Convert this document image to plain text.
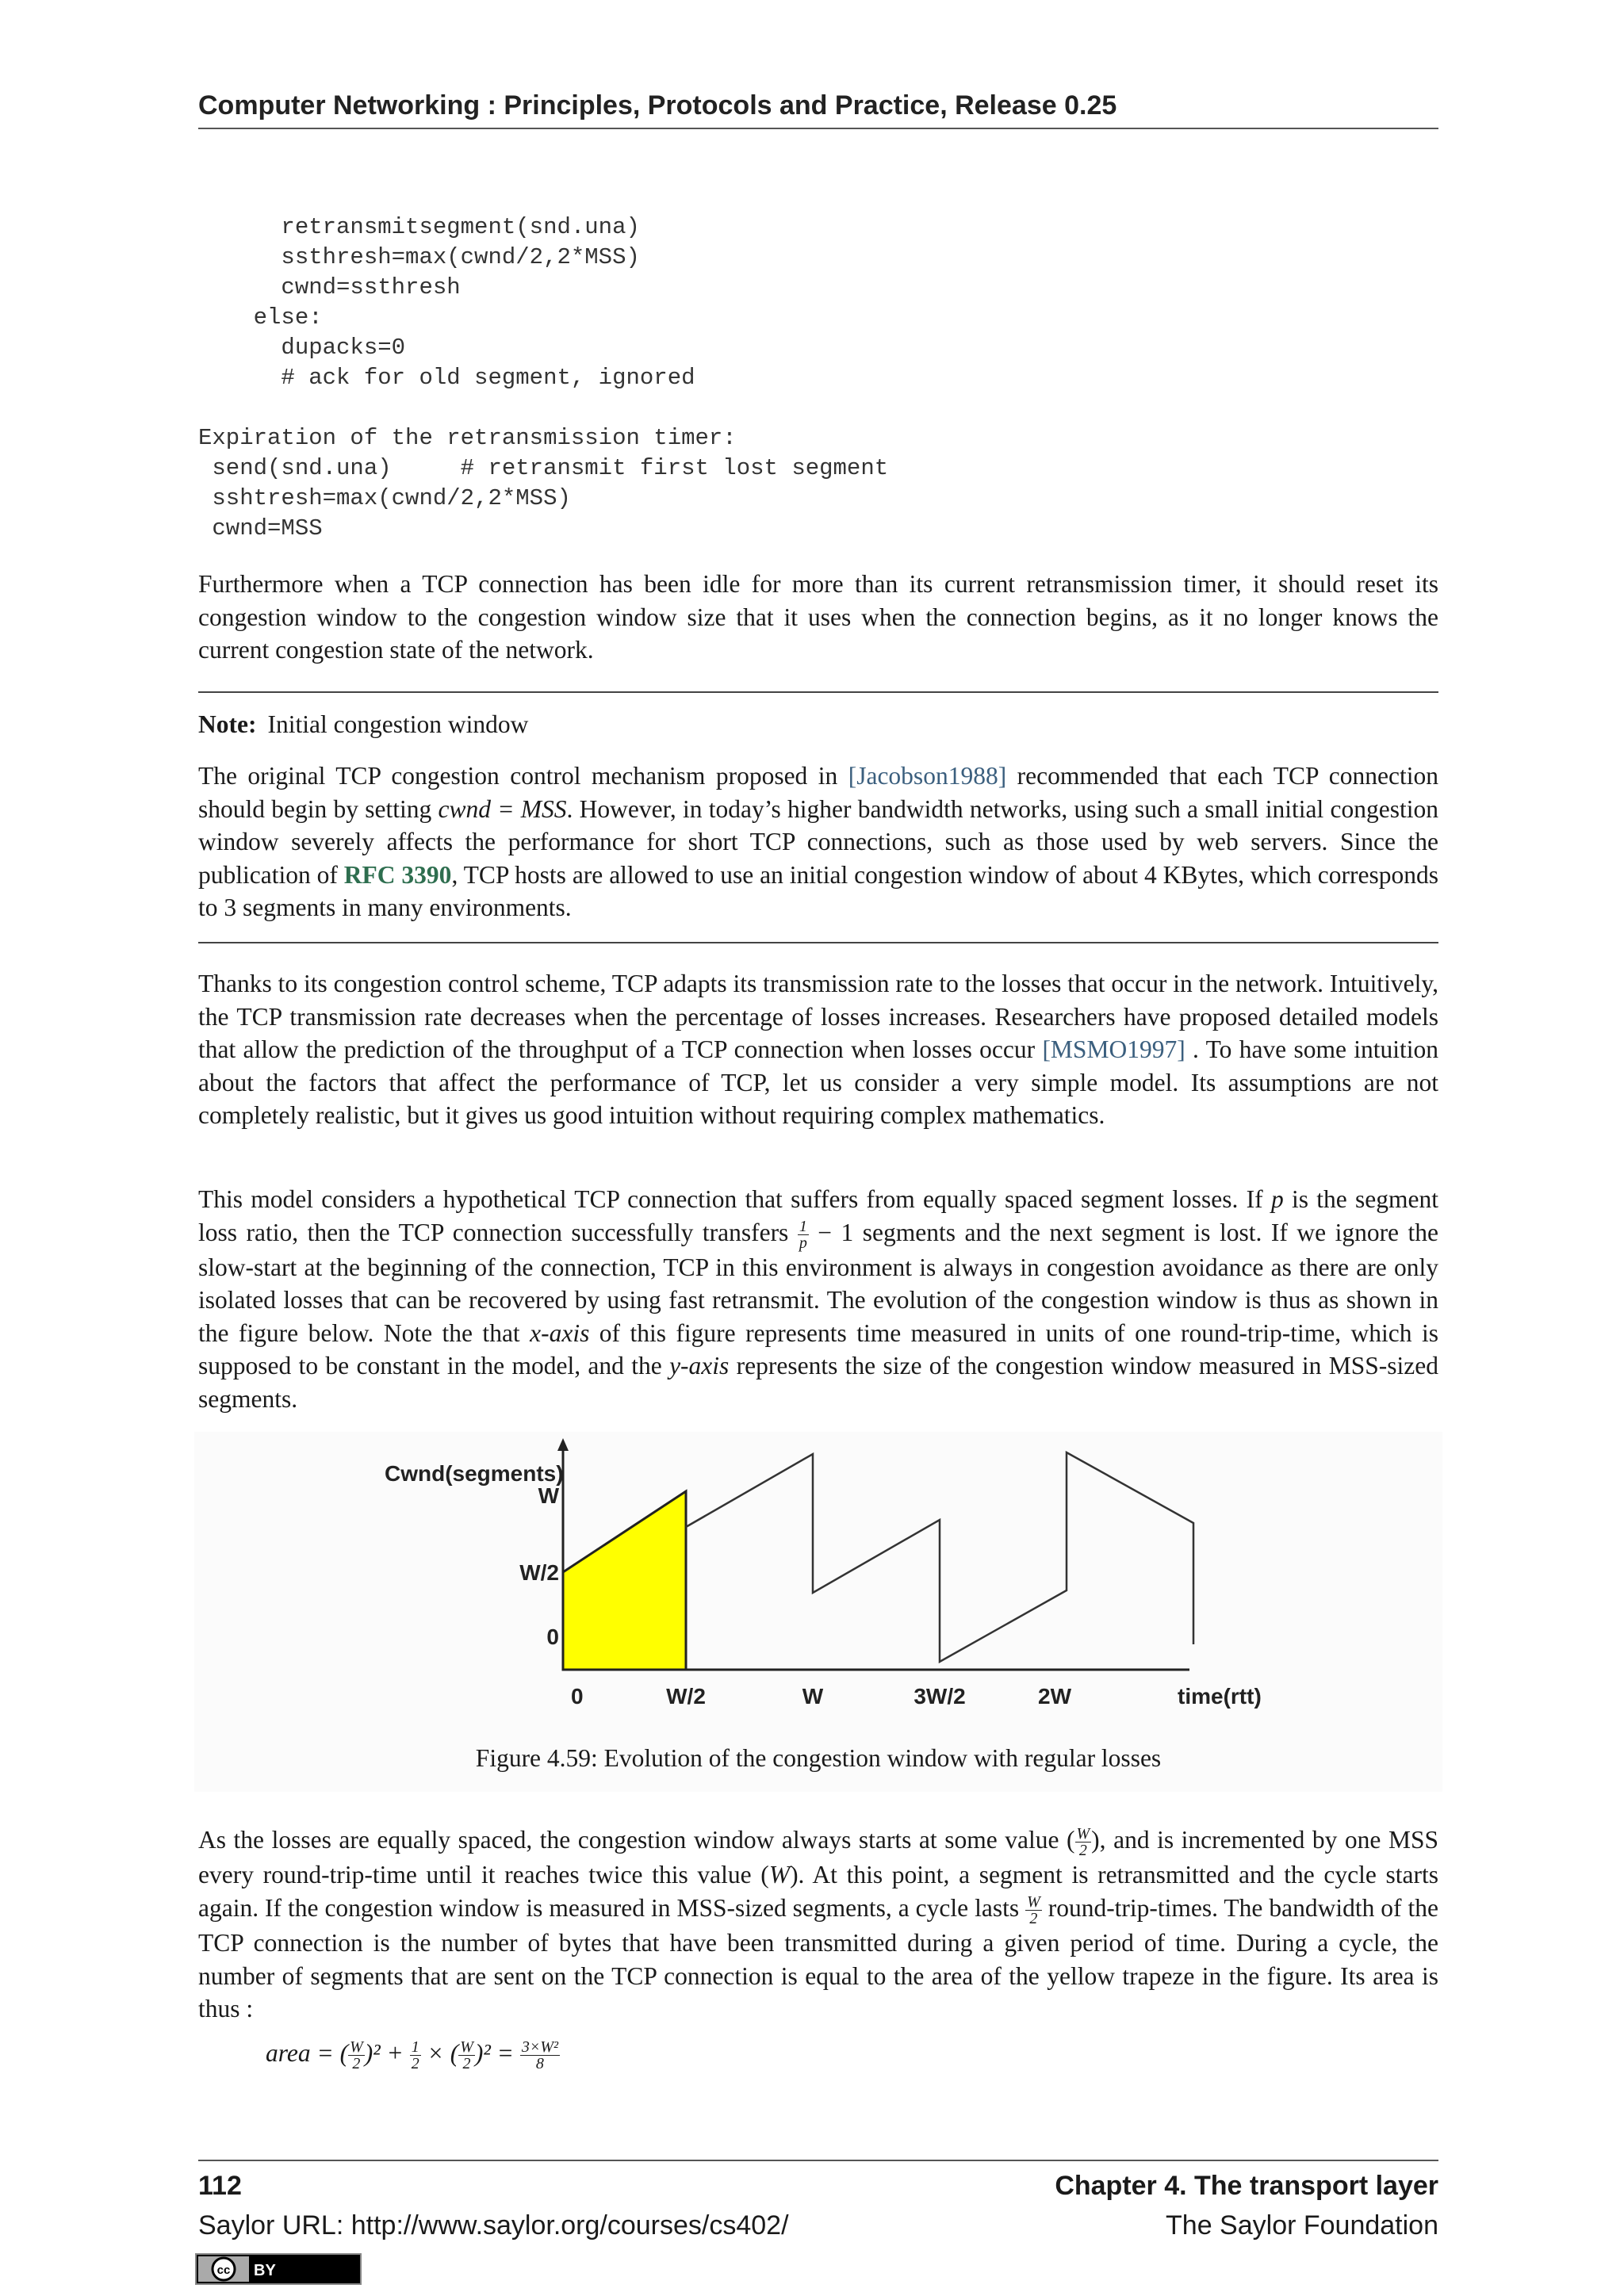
Computer Networking : Principles, Protocols and Practice, Release 0.25
retransmitsegment(snd.una)
ssthresh=max(cwnd/2,2*MSS)
cwnd=ssthresh
else:
dupacks=0
# ack for old segment, ignored

Expiration of the retransmission timer:
send(snd.una)     # retransmit first lost segment
sshtresh=max(cwnd/2,2*MSS)
cwnd=MSS
Furthermore when a TCP connection has been idle for more than its current retransmission timer, it should reset its congestion window to the congestion window size that it uses when the connection begins, as it no longer knows the current congestion state of the network.
Note: Initial congestion window
The original TCP congestion control mechanism proposed in [Jacobson1988] recommended that each TCP connection should begin by setting cwnd = MSS. However, in today’s higher bandwidth networks, using such a small initial congestion window severely affects the performance for short TCP connections, such as those used by web servers. Since the publication of RFC 3390, TCP hosts are allowed to use an initial congestion window of about 4 KBytes, which corresponds to 3 segments in many environments.
Thanks to its congestion control scheme, TCP adapts its transmission rate to the losses that occur in the network. Intuitively, the TCP transmission rate decreases when the percentage of losses increases. Researchers have proposed detailed models that allow the prediction of the throughput of a TCP connection when losses occur [MSMO1997] . To have some intuition about the factors that affect the performance of TCP, let us consider a very simple model. Its assumptions are not completely realistic, but it gives us good intuition without requiring complex mathematics.
This model considers a hypothetical TCP connection that suffers from equally spaced segment losses. If p is the segment loss ratio, then the TCP connection successfully transfers $\frac{1}{p} - 1$ segments and the next segment is lost. If we ignore the slow-start at the beginning of the connection, TCP in this environment is always in congestion avoidance as there are only isolated losses that can be recovered by using fast retransmit. The evolution of the congestion window is thus as shown in the figure below. Note the that x-axis of this figure represents time measured in units of one round-trip-time, which is supposed to be constant in the model, and the y-axis represents the size of the congestion window measured in MSS-sized segments.
Cwnd(segments)
W
W/2
0
0	W/2	W	3W/2	2W	time(rtt)
Figure 4.59: Evolution of the congestion window with regular losses
As the losses are equally spaced, the congestion window always starts at some value ( $\frac{W}{2}$ ), and is incremented by one MSS every round-trip-time until it reaches twice this value (W). At this point, a segment is retransmitted and the cycle starts again. If the congestion window is measured in MSS-sized segments, a cycle lasts $\frac{W}{2}$ round-trip-times. The bandwidth of the TCP connection is the number of bytes that have been transmitted during a given period of time. During a cycle, the number of segments that are sent on the TCP connection is equal to the area of the yellow trapeze in the figure. Its area is thus :
area = ( $\frac{W}{2} )^2 + \frac{1}{2}$ × ( $\frac{W}{2} )^2 = \frac{\text{3×W²}}{8}$
112	Chapter 4. The transport layer
Saylor URL: http://www.saylor.org/courses/cs402/	The Saylor Foundation
cc BY
